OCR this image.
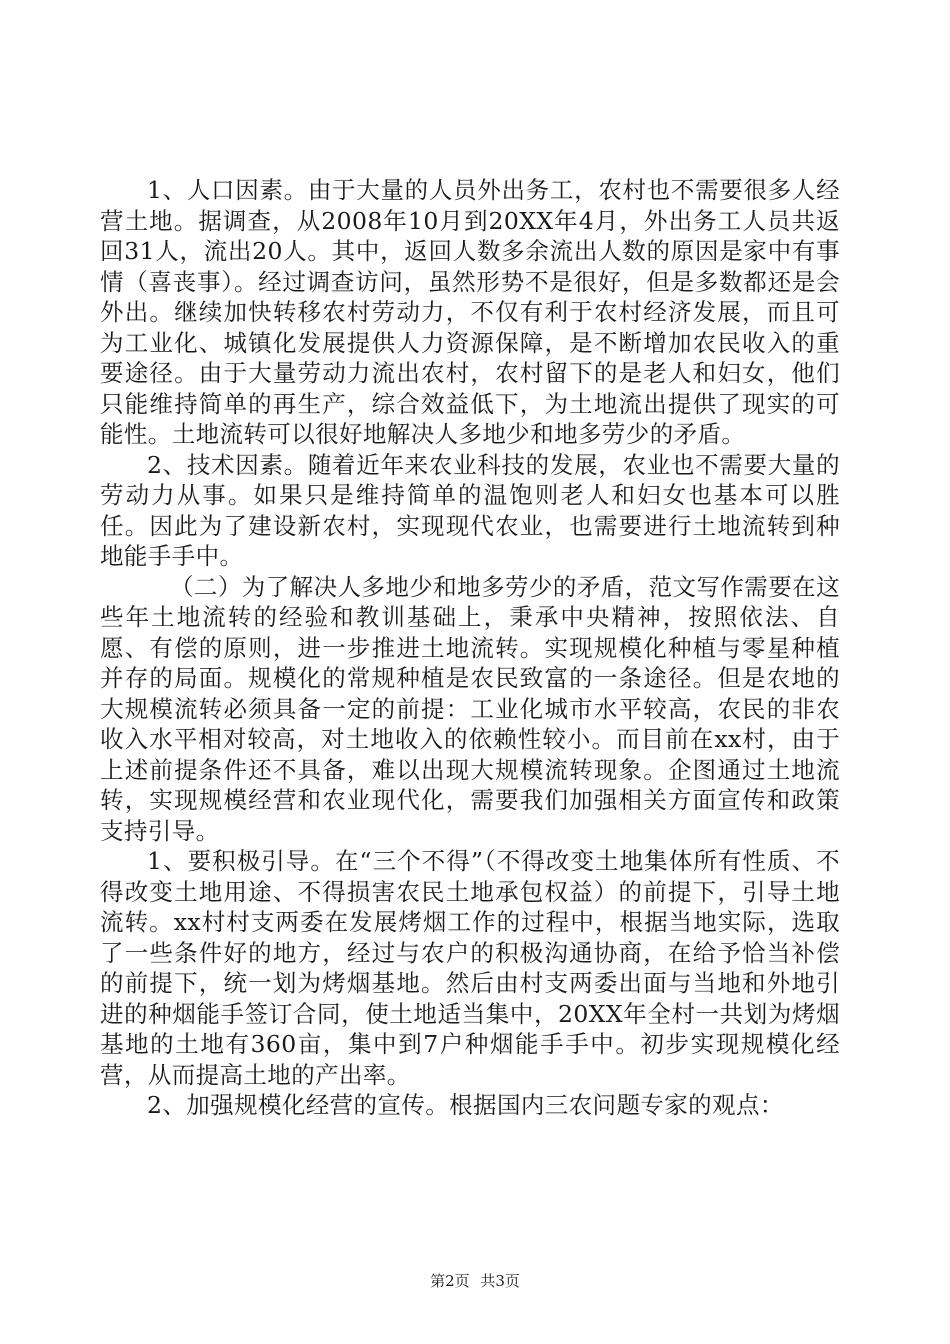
1、人口因素。由于大量的人员外出务工，农村也不需要很多人经营土地。据调查，从2008年10月到20XX年4月，外出务工人员共返回31人，流出20人。其中，返回人数多余流出人数的原因是家中有事情（喜丧事）。经过调查访问，虽然形势不是很好，但是多数都还是会外出。继续加快转移农村劳动力，不仅有利于农村经济发展，而且可为工业化、城镇化发展提供人力资源保障，是不断增加农民收入的重要途径。由于大量劳动力流出农村，农村留下的是老人和妇女，他们只能维持简单的再生产，综合效益低下，为土地流出提供了现实的可能性。土地流转可以很好地解决人多地少和地多劳少的矛盾。

2、技术因素。随着近年来农业科技的发展，农业也不需要大量的劳动力从事。如果只是维持简单的温饱则老人和妇女也基本可以胜任。因此为了建设新农村，实现现代农业，也需要进行土地流转到种地能手手中。

（二）为了解决人多地少和地多劳少的矛盾，范文写作需要在这些年土地流转的经验和教训基础上，秉承中央精神，按照依法、自愿、有偿的原则，进一步推进土地流转。实现规模化种植与零星种植并存的局面。规模化的常规种植是农民致富的一条途径。但是农地的大规模流转必须具备一定的前提：工业化城市水平较高，农民的非农收入水平相对较高，对土地收入的依赖性较小。而目前在xx村，由于上述前提条件还不具备，难以出现大规模流转现象。企图通过土地流转，实现规模经营和农业现代化，需要我们加强相关方面宣传和政策支持引导。

1、要积极引导。在“三个不得”（不得改变土地集体所有性质、不得改变土地用途、不得损害农民土地承包权益）的前提下，引导土地流转。xx村村支两委在发展烤烟工作的过程中，根据当地实际，选取了一些条件好的地方，经过与农户的积极沟通协商，在给予恰当补偿的前提下，统一划为烤烟基地。然后由村支两委出面与当地和外地引进的种烟能手签订合同，使土地适当集中，20XX年全村一共划为烤烟基地的土地有360亩，集中到7户种烟能手手中。初步实现规模化经营，从而提高土地的产出率。

2、加强规模化经营的宣传。根据国内三农问题专家的观点：

第2页 共3页
